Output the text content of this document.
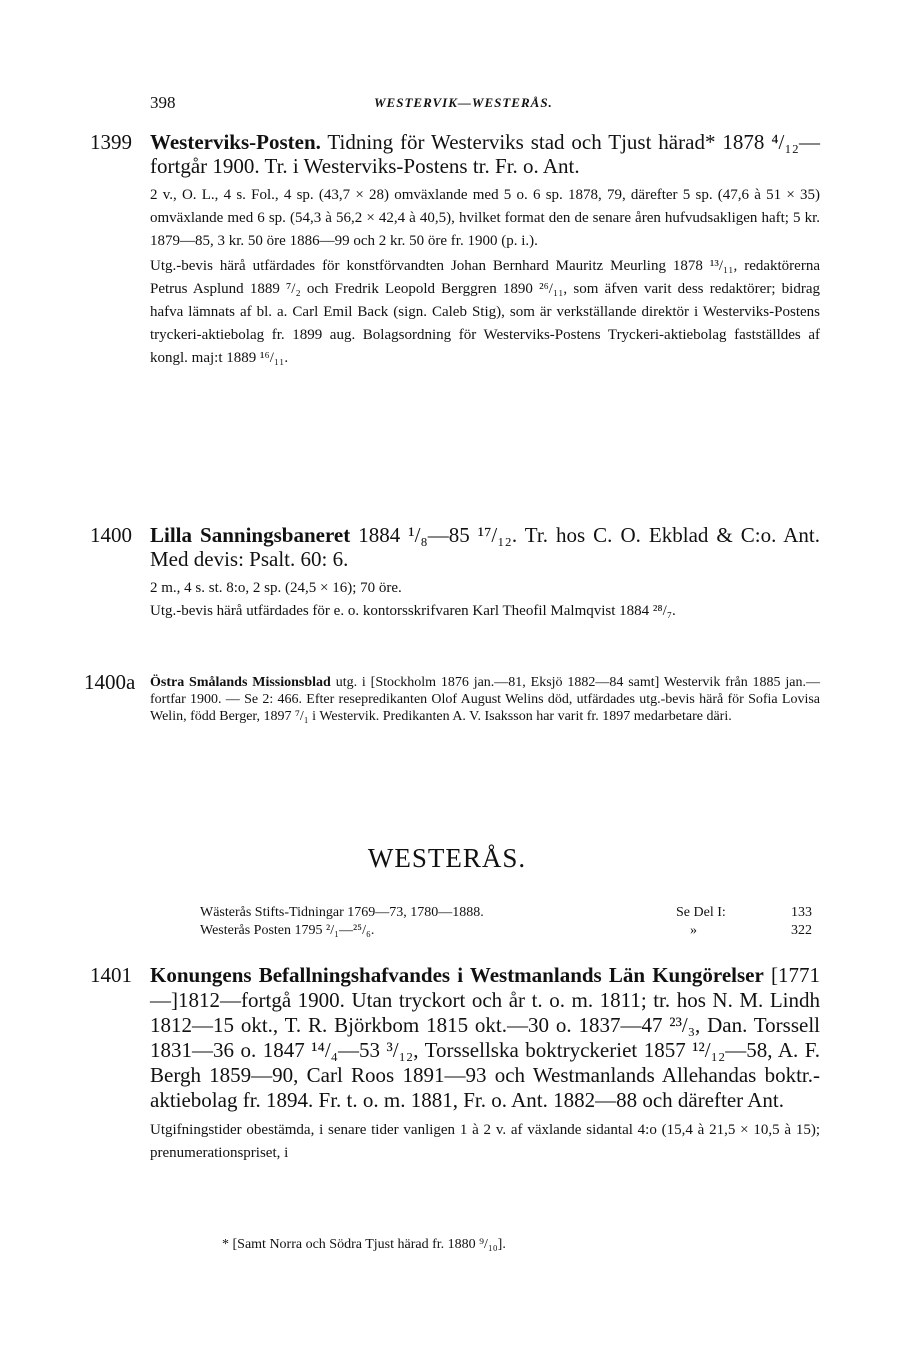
398	WESTERVIK—WESTERÅS.
1399 Westerviks-Posten. Tidning för Westerviks stad och Tjust härad* 1878 ⁴/₁₂—fortgår 1900. Tr. i Westerviks-Postens tr. Fr. o. Ant.

2 v., O. L., 4 s. Fol., 4 sp. (43,7 × 28) omväxlande med 5 o. 6 sp. 1878, 79, därefter 5 sp. (47,6 à 51 × 35) omväxlande med 6 sp. (54,3 à 56,2 × 42,4 à 40,5), hvilket format den de senare åren hufvudsakligen haft; 5 kr. 1879—85, 3 kr. 50 öre 1886—99 och 2 kr. 50 öre fr. 1900 (p. i.).

Utg.-bevis härå utfärdades för konstförvandten Johan Bernhard Mauritz Meurling 1878 ¹³/₁₁, redaktörerna Petrus Asplund 1889 ⁷/₂ och Fredrik Leopold Berggren 1890 ²⁶/₁₁, som äfven varit dess redaktörer; bidrag hafva lämnats af bl. a. Carl Emil Back (sign. Caleb Stig), som är verkställande direktör i Westerviks-Postens tryckeri-aktiebolag fr. 1899 aug. Bolagsordning för Westerviks-Postens Tryckeri-aktiebolag fastställdes af kongl. maj:t 1889 ¹⁶/₁₁.

1400 Lilla Sanningsbaneret 1884 ¹/₈—85 ¹⁷/₁₂. Tr. hos C. O. Ekblad & C:o. Ant. Med devis: Psalt. 60: 6.

2 m., 4 s. st. 8:o, 2 sp. (24,5 × 16); 70 öre.

Utg.-bevis härå utfärdades för e. o. kontorsskrifvaren Karl Theofil Malmqvist 1884 ²⁸/₇.

1400a Östra Smålands Missionsblad utg. i [Stockholm 1876 jan.—81, Eksjö 1882—84 samt] Westervik från 1885 jan.—fortfar 1900. — Se 2: 466. Efter resepredikanten Olof August Welins död, utfärdades utg.-bevis härå för Sofia Lovisa Welin, född Berger, 1897 ⁷/₁ i Westervik. Predikanten A. V. Isaksson har varit fr. 1897 medarbetare däri.
WESTERÅS.
Wästerås Stifts-Tidningar 1769—73, 1780—1888.	Se Del I:	133
Westerås Posten 1795 ²/₁—²⁵/₆.	»	322
1401 Konungens Befallningshafvandes i Westmanlands Län Kungörelser [1771—]1812—fortgå 1900. Utan tryckort och år t. o. m. 1811; tr. hos N. M. Lindh 1812—15 okt., T. R. Björkbom 1815 okt.—30 o. 1837—47 ²³/₃, Dan. Torssell 1831—36 o. 1847 ¹⁴/₄—53 ³/₁₂, Torssellska boktryckeriet 1857 ¹²/₁₂—58, A. F. Bergh 1859—90, Carl Roos 1891—93 och Westmanlands Allehandas boktr.-aktiebolag fr. 1894. Fr. t. o. m. 1881, Fr. o. Ant. 1882—88 och därefter Ant.

Utgifningstider obestämda, i senare tider vanligen 1 à 2 v. af växlande sidantal 4:o (15,4 à 21,5 × 10,5 à 15); prenumerationspriset, i

* [Samt Norra och Södra Tjust härad fr. 1880 ⁹/₁₀].
